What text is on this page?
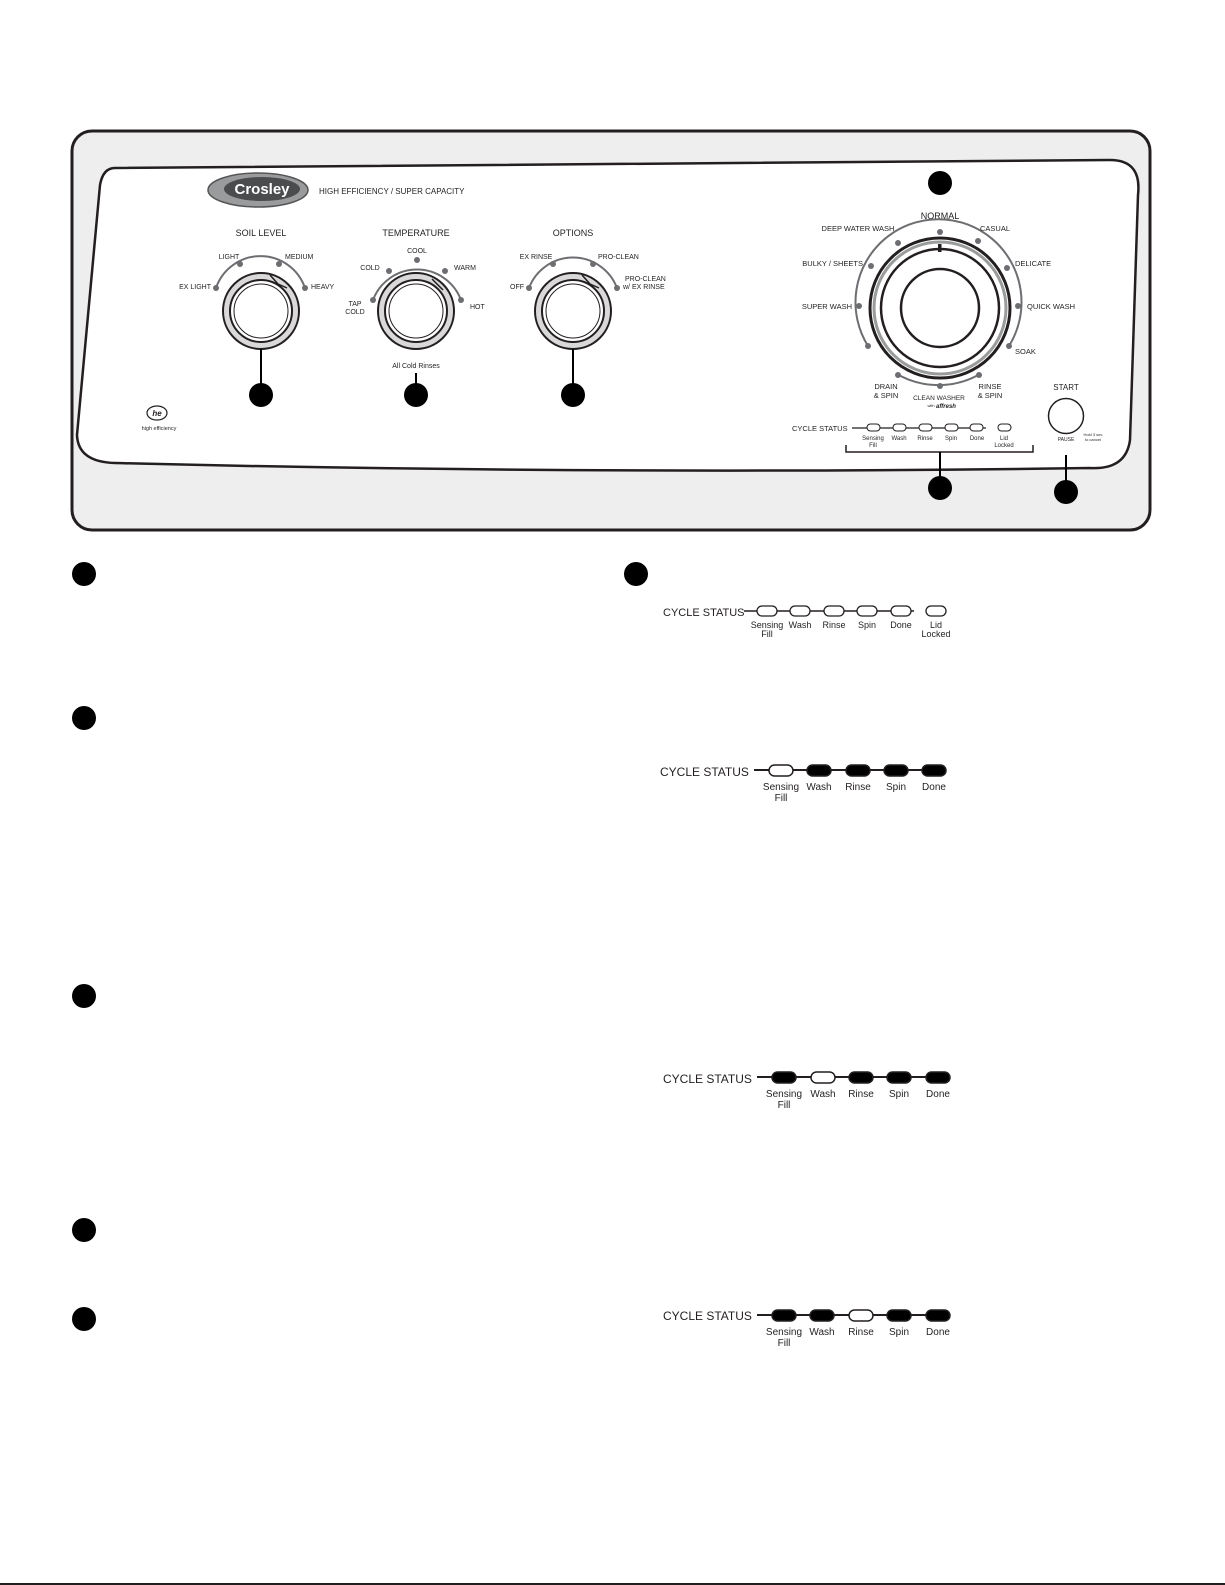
Crosley	HIGH EFFICIENCY / SUPER CAPACITY
he
high efficiency
SOIL LEVEL
EX LIGHT
LIGHT	MEDIUM
HEAVY
TEMPERATURE
TAP
COLD
COLD
COOL
WARM
HOT
All Cold Rinses
OPTIONS
OFF
EX RINSE	PRO-CLEAN
PRO-CLEAN
w/ EX RINSE
NORMAL
DEEP WATER WASH	CASUAL
BULKY / SHEETS	DELICATE
SUPER WASH	QUICK WASH
SOAK
DRAIN
& SPIN CLEAN WASHER
with affresh
RINSE
& SPIN
START
PAUSE
Hold 3 sec
to cancel
CYCLE STATUS
Sensing
Fill
Wash Rinse Spin Done	Lid
Locked
CYCLE STATUS
Sensing
Fill
Wash Rinse Spin Done Lid
Locked
CYCLE STATUS
Sensing
Fill
Wash Rinse Spin Done
CYCLE STATUS
Sensing
Fill
Wash Rinse Spin Done
CYCLE STATUS
Sensing
Fill
Wash Rinse Spin Done
